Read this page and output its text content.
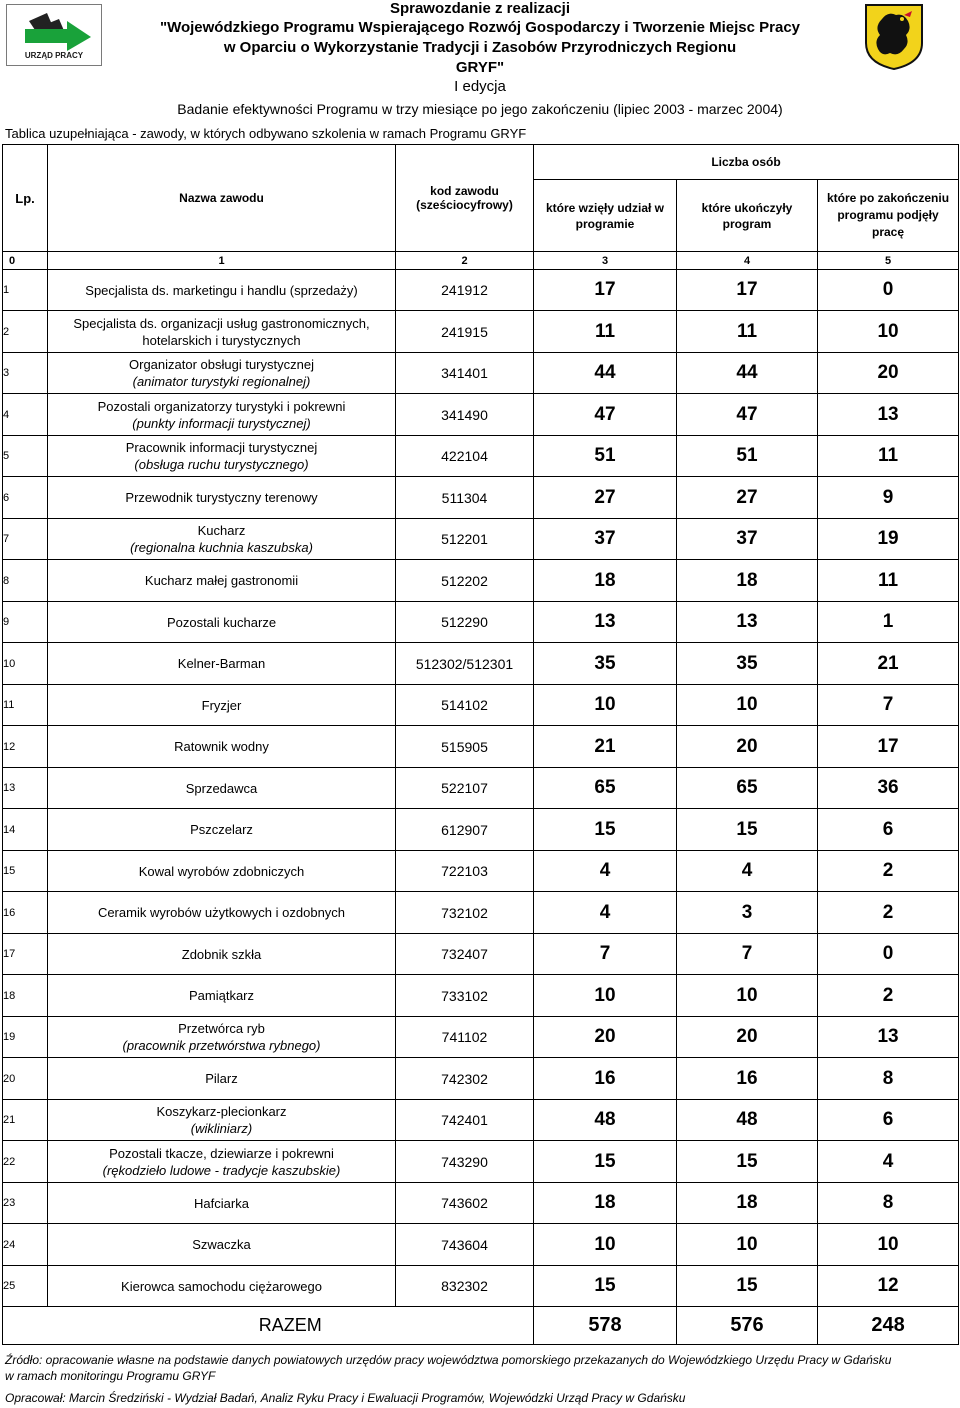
URZĄD PRACY
Sprawozdanie z realizacji
"Wojewódzkiego Programu Wspierającego Rozwój Gospodarczy i Tworzenie Miejsc Pracy
w Oparciu o Wykorzystanie Tradycji i Zasobów Przyrodniczych Regionu
GRYF"
I edycja
Badanie efektywności Programu w trzy miesiące po jego zakończeniu (lipiec 2003 - marzec 2004)
Tablica uzupełniająca - zawody, w których odbywano szkolenia w ramach Programu GRYF
Lp.	Nazwa zawodu	kod zawodu (sześciocyfrowy)	Liczba osób		
			które wzięły udział w programie	które ukończyły program	które po zakończeniu programu podjęły pracę
0	1	2	3	4	5
1	Specjalista ds. marketingu i handlu (sprzedaży)	241912	17	17	0
2	Specjalista ds. organizacji usług gastronomicznych, hotelarskich i turystycznych	241915	11	11	10
3	Organizator obsługi turystycznej
(animator turystyki regionalnej)	341401	44	44	20
4	Pozostali organizatorzy turystyki i pokrewni
(punkty informacji turystycznej)	341490	47	47	13
5	Pracownik informacji turystycznej
(obsługa ruchu turystycznego)	422104	51	51	11
6	Przewodnik turystyczny terenowy	511304	27	27	9
7	Kucharz
(regionalna kuchnia kaszubska)	512201	37	37	19
8	Kucharz małej gastronomii	512202	18	18	11
9	Pozostali kucharze	512290	13	13	1
10	Kelner-Barman	512302/512301	35	35	21
11	Fryzjer	514102	10	10	7
12	Ratownik wodny	515905	21	20	17
13	Sprzedawca	522107	65	65	36
14	Pszczelarz	612907	15	15	6
15	Kowal wyrobów zdobniczych	722103	4	4	2
16	Ceramik wyrobów użytkowych i ozdobnych	732102	4	3	2
17	Zdobnik szkła	732407	7	7	0
18	Pamiątkarz	733102	10	10	2
19	Przetwórca ryb
(pracownik przetwórstwa rybnego)	741102	20	20	13
20	Pilarz	742302	16	16	8
21	Koszykarz-plecionkarz
(wikliniarz)	742401	48	48	6
22	Pozostali tkacze, dziewiarze i pokrewni
(rękodzieło ludowe - tradycje kaszubskie)	743290	15	15	4
23	Hafciarka	743602	18	18	8
24	Szwaczka	743604	10	10	10
25	Kierowca samochodu ciężarowego	832302	15	15	12
	RAZEM		578	576	248
Źródło: opracowanie własne na podstawie danych powiatowych urzędów pracy województwa pomorskiego przekazanych do Wojewódzkiego Urzędu Pracy w Gdańsku
w ramach monitoringu Programu GRYF
Opracował: Marcin Średziński - Wydział Badań, Analiz Ryku Pracy i Ewaluacji Programów, Wojewódzki Urząd Pracy w Gdańsku
